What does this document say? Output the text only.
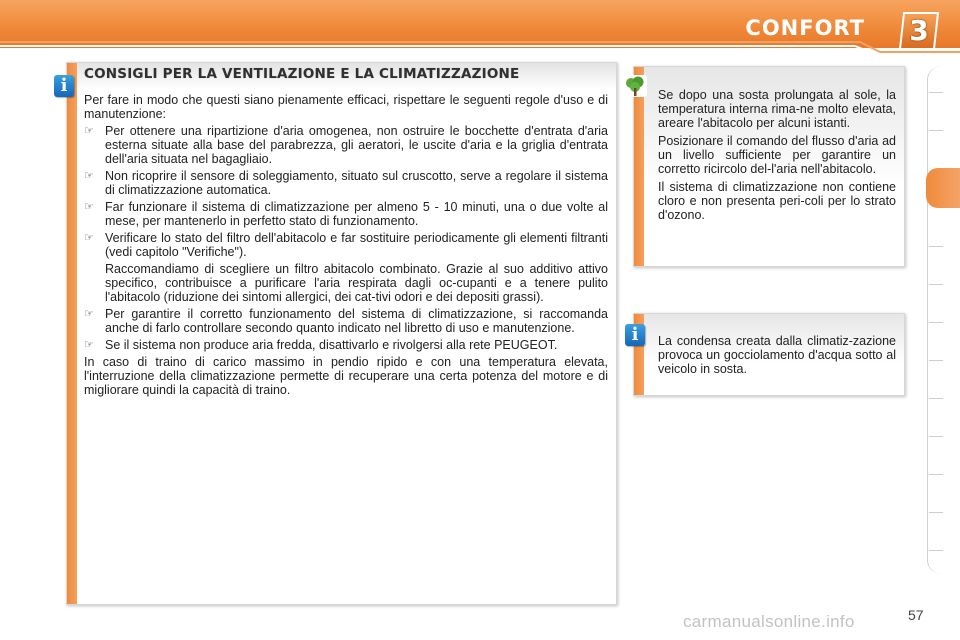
CONFORT	3
i
CONSIGLI PER LA VENTILAZIONE E LA CLIMATIZZAZIONE

Per fare in modo che questi siano pienamente efficaci, rispettare le seguenti regole d'uso e di manutenzione:

☞ Per ottenere una ripartizione d'aria omogenea, non ostruire le bocchette d'entrata d'aria esterna situate alla base del parabrezza, gli aeratori, le uscite d'aria e la griglia d'entrata dell'aria situata nel bagagliaio.
☞ Non ricoprire il sensore di soleggiamento, situato sul cruscotto, serve a regolare il sistema di climatizzazione automatica.
☞ Far funzionare il sistema di climatizzazione per almeno 5 - 10 minuti, una o due volte al mese, per mantenerlo in perfetto stato di funzionamento.
☞ Verificare lo stato del filtro dell'abitacolo e far sostituire periodicamente gli elementi filtranti (vedi capitolo "Verifiche").
Raccomandiamo di scegliere un filtro abitacolo combinato. Grazie al suo additivo attivo specifico, contribuisce a purificare l'aria respirata dagli oc-cupanti e a tenere pulito l'abitacolo (riduzione dei sintomi allergici, dei cat-tivi odori e dei depositi grassi).
☞ Per garantire il corretto funzionamento del sistema di climatizzazione, si raccomanda anche di farlo controllare secondo quanto indicato nel libretto di uso e manutenzione.
☞ Se il sistema non produce aria fredda, disattivarlo e rivolgersi alla rete PEUGEOT.

In caso di traino di carico massimo in pendio ripido e con una temperatura elevata, l'interruzione della climatizzazione permette di recuperare una certa potenza del motore e di migliorare quindi la capacità di traino.

Se dopo una sosta prolungata al sole, la temperatura interna rima-ne molto elevata, areare l'abitacolo per alcuni istanti.

Posizionare il comando del flusso d'aria ad un livello sufficiente per garantire un corretto ricircolo del-l'aria nell'abitacolo.

Il sistema di climatizzazione non contiene cloro e non presenta peri-coli per lo strato d'ozono.

i	La condensa creata dalla climatiz-zazione provoca un gocciolamento d'acqua sotto al veicolo in sosta.
57
carmanualsonline.info
